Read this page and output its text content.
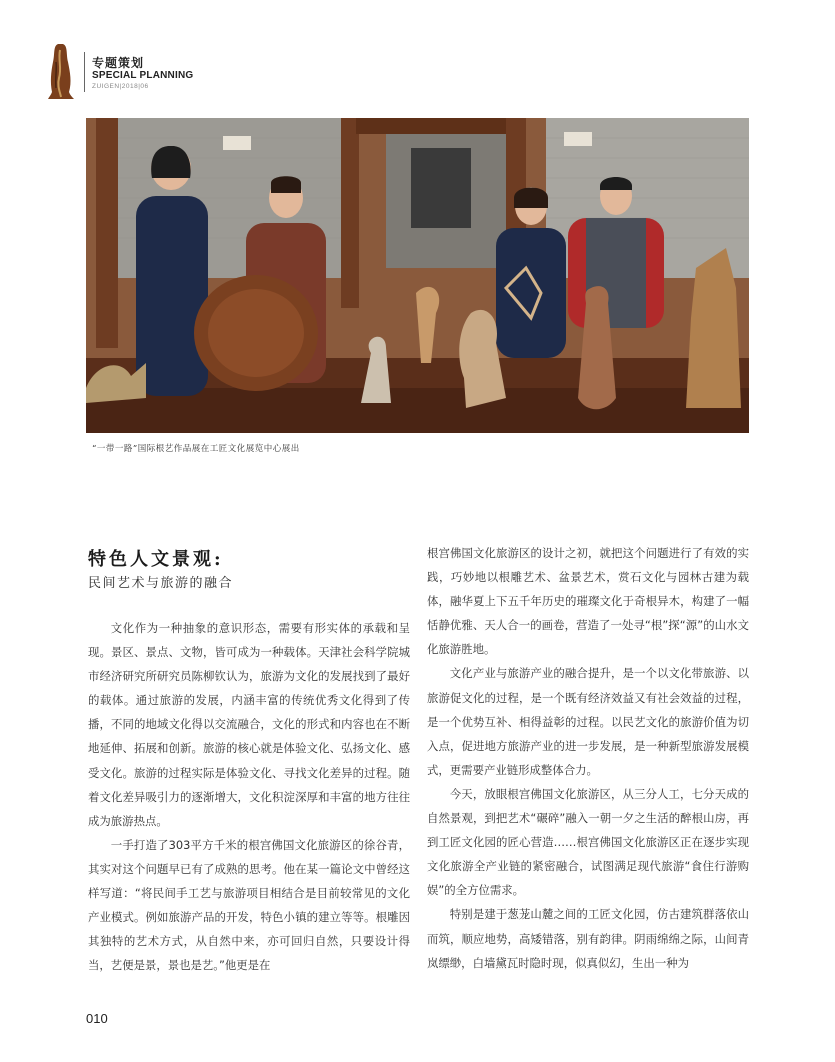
专题策划
SPECIAL PLANNING
ZUIGEN|2018|06
“一带一路”国际根艺作品展在工匠文化展览中心展出
特色人文景观:
民间艺术与旅游的融合

文化作为一种抽象的意识形态，需要有形实体的承载和呈现。景区、景点、文物，皆可成为一种载体。天津社会科学院城市经济研究所研究员陈柳钦认为，旅游为文化的发展找到了最好的载体。通过旅游的发展，内涵丰富的传统优秀文化得到了传播，不同的地域文化得以交流融合，文化的形式和内容也在不断地延伸、拓展和创新。旅游的核心就是体验文化、弘扬文化、感受文化。旅游的过程实际是体验文化、寻找文化差异的过程。随着文化差异吸引力的逐渐增大，文化积淀深厚和丰富的地方往往成为旅游热点。

一手打造了303平方千米的根宫佛国文化旅游区的徐谷青，其实对这个问题早已有了成熟的思考。他在某一篇论文中曾经这样写道：“将民间手工艺与旅游项目相结合是目前较常见的文化产业模式。例如旅游产品的开发，特色小镇的建立等等。根雕因其独特的艺术方式，从自然中来，亦可回归自然，只要设计得当，艺便是景，景也是艺。”他更是在

根宫佛国文化旅游区的设计之初，就把这个问题进行了有效的实践，巧妙地以根雕艺术、盆景艺术，赏石文化与园林古建为载体，融华夏上下五千年历史的璀璨文化于奇根异木，构建了一幅恬静优雅、天人合一的画卷，营造了一处寻“根”探“源”的山水文化旅游胜地。

文化产业与旅游产业的融合提升，是一个以文化带旅游、以旅游促文化的过程，是一个既有经济效益又有社会效益的过程，是一个优势互补、相得益彰的过程。以民艺文化的旅游价值为切入点，促进地方旅游产业的进一步发展，是一种新型旅游发展模式，更需要产业链形成整体合力。

今天，放眼根宫佛国文化旅游区，从三分人工，七分天成的自然景观，到把艺术“碾碎”融入一朝一夕之生活的醉根山房，再到工匠文化园的匠心营造……根宫佛国文化旅游区正在逐步实现文化旅游全产业链的紧密融合，试图满足现代旅游“食住行游购娱”的全方位需求。

特别是建于葱茏山麓之间的工匠文化园，仿古建筑群落依山而筑，顺应地势，高矮错落，别有韵律。阴雨绵绵之际，山间青岚缥缈，白墙黛瓦时隐时现，似真似幻，生出一种为

010
